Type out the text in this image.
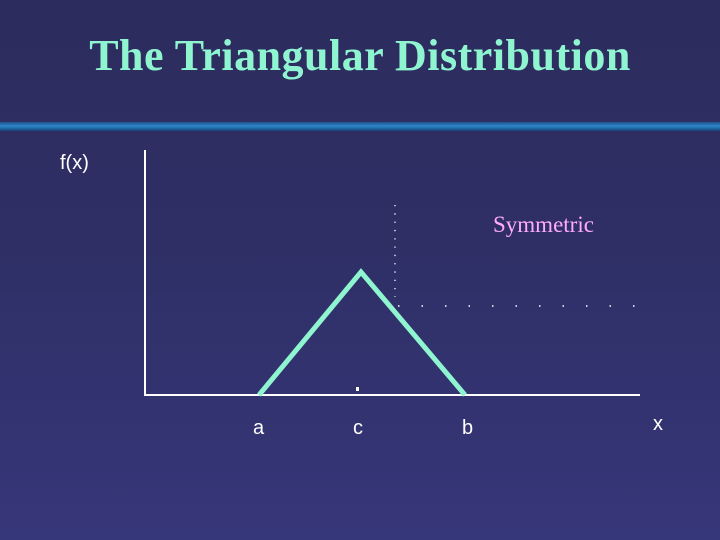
The Triangular Distribution
f(x)
Symmetric
a	c	b	x
